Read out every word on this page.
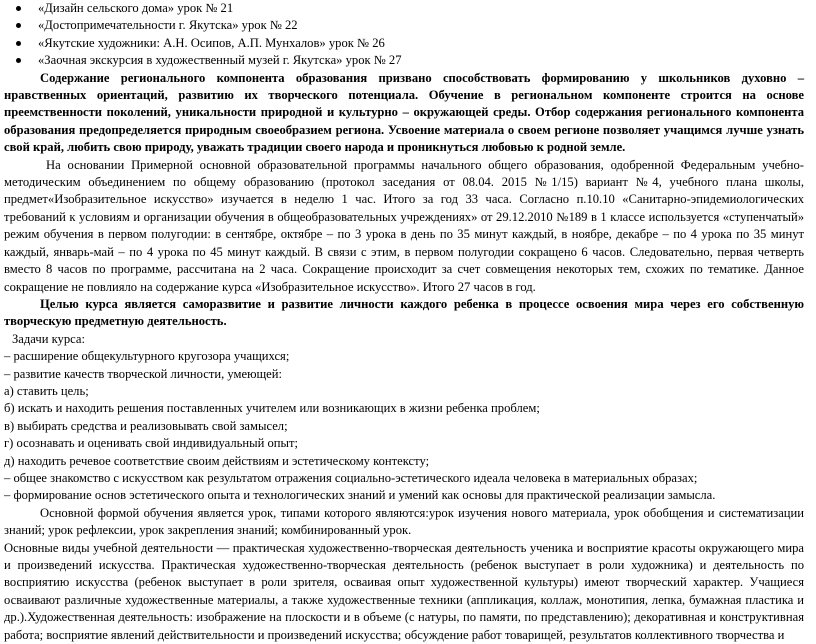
«Дизайн сельского дома» урок № 21
«Достопримечательности г. Якутска» урок № 22
«Якутские художники: А.Н. Осипов, А.П. Мунхалов» урок № 26
«Заочная экскурсия в художественный музей г. Якутска» урок № 27

Содержание регионального компонента образования призвано способствовать формированию у школьников духовно – нравственных ориентаций, развитию их творческого потенциала. Обучение в региональном компоненте строится на основе преемственности поколений, уникальности природной и культурно – окружающей среды. Отбор содержания регионального компонента образования предопределяется природным своеобразием региона. Усвоение материала о своем регионе позволяет учащимся лучше узнать свой край, любить свою природу, уважать традиции своего народа и проникнуться любовью к родной земле.

На основании Примерной основной образовательной программы начального общего образования, одобренной Федеральным учебно- методическим объединением по общему образованию (протокол заседания от 08.04. 2015 №1/15) вариант №4, учебного плана школы, предмет«Изобразительное искусство» изучается в неделю 1 час. Итого за год 33 часа. Согласно п.10.10 «Санитарно-эпидемиологических требований к условиям и организации обучения в общеобразовательных учреждениях» от 29.12.2010 №189 в 1 классе используется «ступенчатый» режим обучения в первом полугодии: в сентябре, октябре – по 3 урока в день по 35 минут каждый, в ноябре, декабре – по 4 урока по 35 минут каждый, январь-май – по 4 урока по 45 минут каждый. В связи с этим, в первом полугодии сокращено 6 часов. Следовательно, первая четверть вместо 8 часов по программе, рассчитана на 2 часа. Сокращение происходит за счет совмещения некоторых тем, схожих по тематике. Данное сокращение не повлияло на содержание курса «Изобразительное искусство». Итого 27 часов в год.

Целью курса является саморазвитие и развитие личности каждого ребенка в процессе освоения мира через его собственную творческую предметную деятельность.

Задачи курса:

– расширение общекультурного кругозора учащихся;

– развитие качеств творческой личности, умеющей:

а) ставить цель;

б) искать и находить решения поставленных учителем или возникающих в жизни ребенка проблем;

в) выбирать средства и реализовывать свой замысел;

г) осознавать и оценивать свой индивидуальный опыт;

д) находить речевое соответствие своим действиям и эстетическому контексту;

– общее знакомство с искусством как результатом отражения социально-эстетического идеала человека в материальных образах;

– формирование основ эстетического опыта и технологических знаний и умений как основы для практической реализации замысла.

Основной формой обучения является урок, типами которого являются:урок изучения нового материала, урок обобщения и систематизации знаний; урок рефлексии, урок закрепления знаний; комбинированный урок.

Основные виды учебной деятельности — практическая художественно-творческая деятельность ученика и восприятие красоты окружающего мира и произведений искусства. Практическая художественно-творческая деятельность (ребенок выступает в роли художника) и деятельность по восприятию искусства (ребенок выступает в роли зрителя, осваивая опыт художественной культуры) имеют творческий характер. Учащиеся осваивают различные художественные материалы, а также художественные техники (аппликация, коллаж, монотипия, лепка, бумажная пластика и др.).Художественная деятельность: изображение на плоскости и в объеме (с натуры, по памяти, по представлению); декоративная и конструктивная работа; восприятие явлений действительности и произведений искусства; обсуждение работ товарищей, результатов коллективного творчества и
